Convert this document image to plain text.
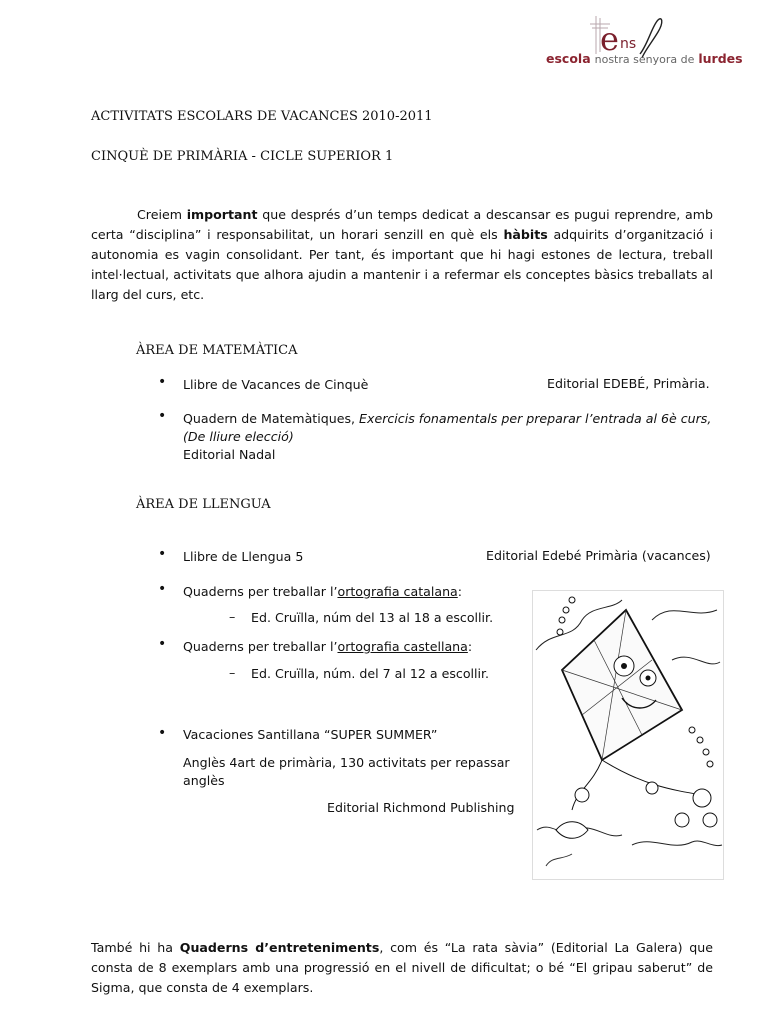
e ns
escola nostra senyora de lurdes
ACTIVITATS ESCOLARS DE VACANCES 2010-2011
CINQUÈ DE PRIMÀRIA - CICLE SUPERIOR 1
Creiem important que després d’un temps dedicat a descansar es pugui reprendre, amb certa “disciplina” i responsabilitat, un horari senzill en què els hàbits adquirits d’organització i autonomia es vagin consolidant. Per tant, és important que hi hagi estones de lectura, treball intel·lectual, activitats que alhora ajudin a mantenir i a refermar els conceptes bàsics treballats al llarg del curs, etc.
ÀREA DE MATEMÀTICA
• Llibre de Vacances de Cinquè	Editorial EDEBÉ, Primària.
• Quadern de Matemàtiques, Exercicis fonamentals per preparar l’entrada al 6è curs,
(De lliure elecció)
Editorial Nadal
ÀREA DE LLENGUA
• Llibre de Llengua 5	Editorial Edebé Primària (vacances)
• Quaderns per treballar l’ortografia catalana:
– Ed. Cruïlla, núm del 13 al 18 a escollir.
• Quaderns per treballar l’ortografia castellana:
– Ed. Cruïlla, núm. del 7 al 12 a escollir.
• Vacaciones Santillana “SUPER SUMMER”
Anglès 4art de primària, 130 activitats per repassar
anglès
Editorial Richmond Publishing
També hi ha Quaderns d’entreteniments, com és “La rata sàvia” (Editorial La Galera) que consta de 8 exemplars amb una progressió en el nivell de dificultat; o bé “El gripau saberut” de Sigma, que consta de 4 exemplars.
